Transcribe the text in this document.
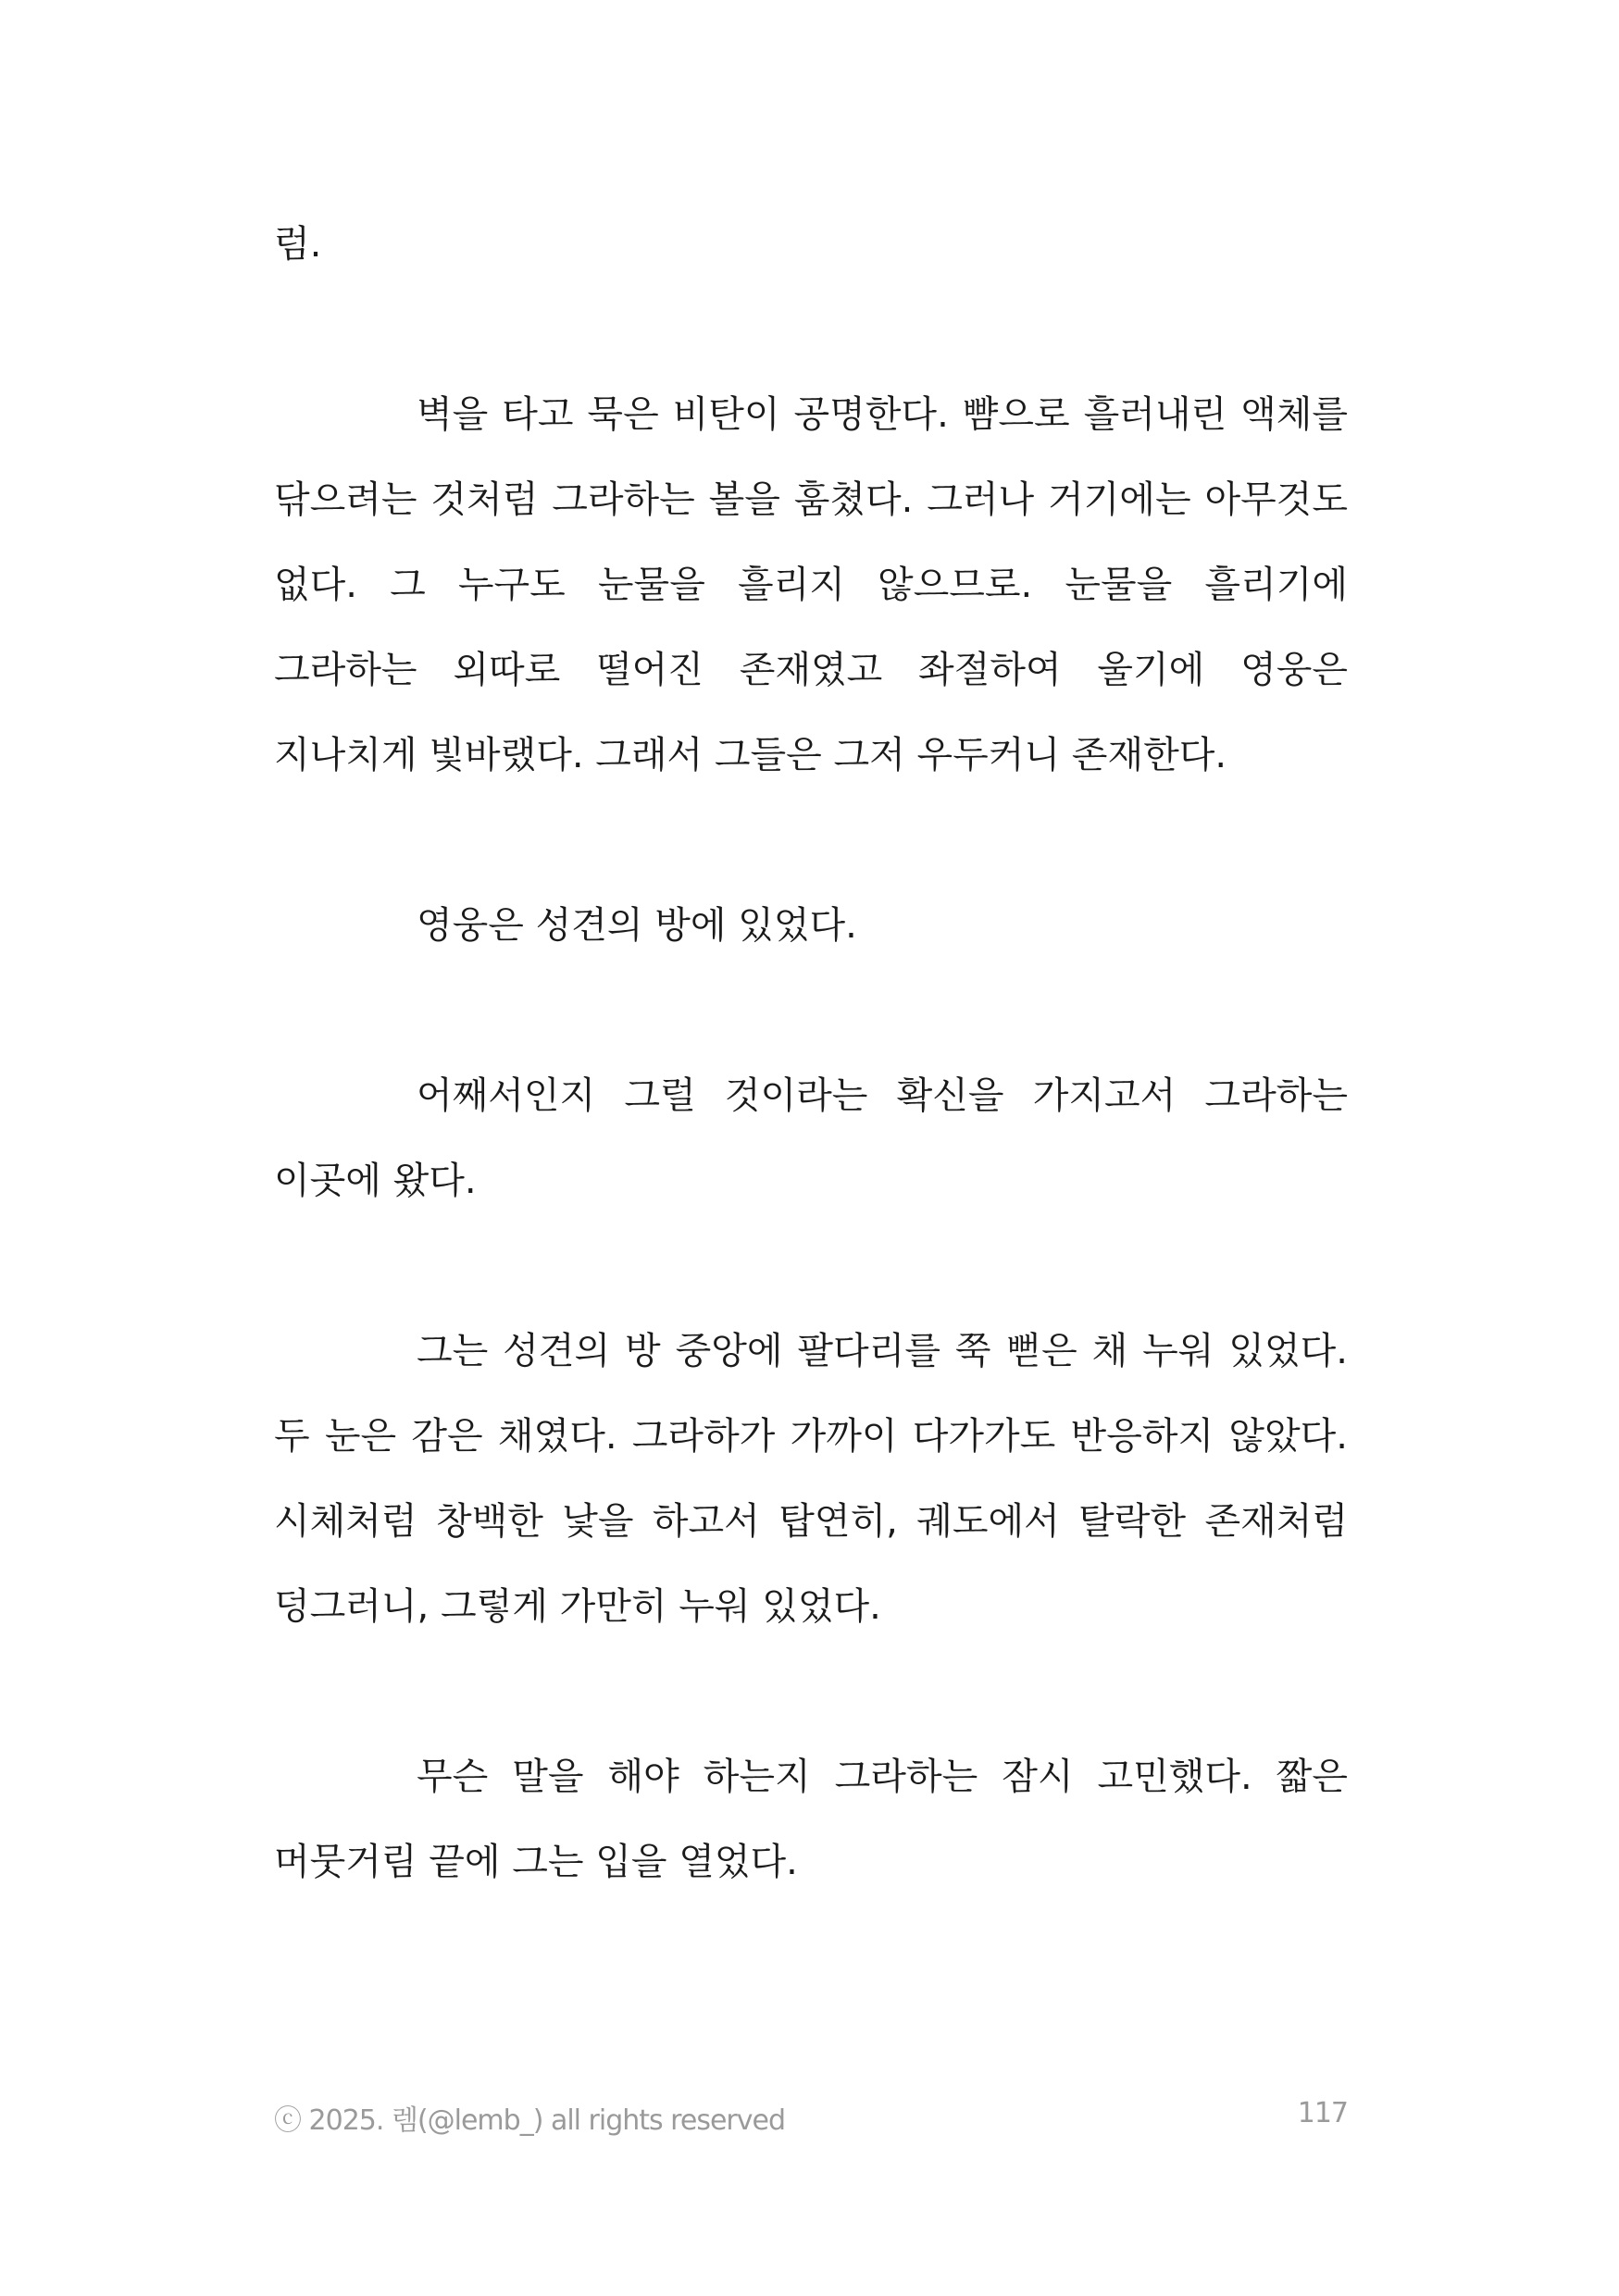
럼.

벽을 타고 묵은 비탄이 공명한다. 뺨으로 흘러내린 액체를 닦으려는 것처럼 그라하는 볼을 훔쳤다. 그러나 거기에는 아무것도 없다. 그 누구도 눈물을 흘리지 않으므로. 눈물을 흘리기에 그라하는 외따로 떨어진 존재였고 좌절하여 울기에 영웅은 지나치게 빛바랬다. 그래서 그들은 그저 우두커니 존재한다.

영웅은 성견의 방에 있었다.

어째서인지 그럴 것이라는 확신을 가지고서 그라하는 이곳에 왔다.

그는 성견의 방 중앙에 팔다리를 쭉 뻗은 채 누워 있었다. 두 눈은 감은 채였다. 그라하가 가까이 다가가도 반응하지 않았다. 시체처럼 창백한 낯을 하고서 탑연히, 궤도에서 탈락한 존재처럼 덩그러니, 그렇게 가만히 누워 있었다.

무슨 말을 해야 하는지 그라하는 잠시 고민했다. 짧은 머뭇거림 끝에 그는 입을 열었다.

ⓒ 2025. 렘(@lemb_) all rights reserved	117
